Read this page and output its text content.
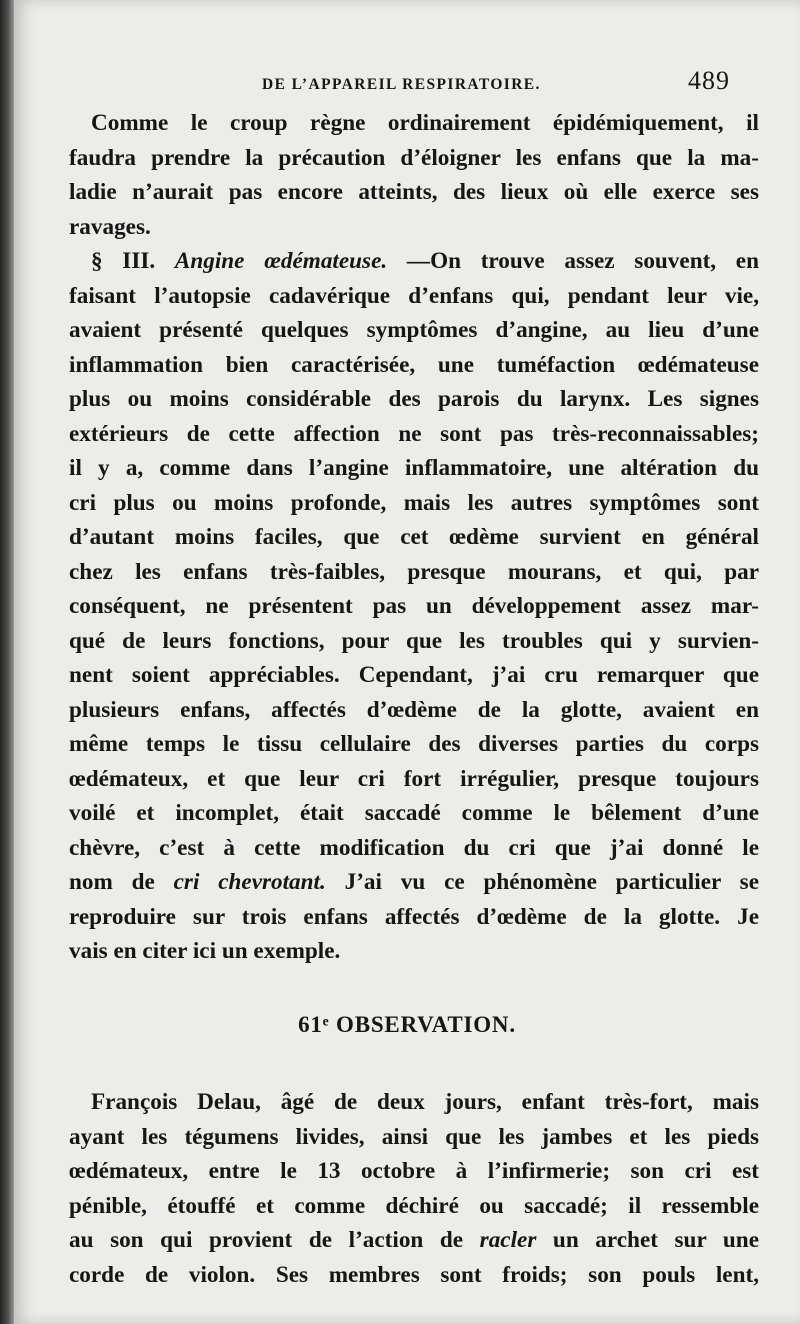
DE L’APPAREIL RESPIRATOIRE.	489
Comme le croup règne ordinairement épidémiquement, il
faudra prendre la précaution d’éloigner les enfans que la ma-
ladie n’aurait pas encore atteints, des lieux où elle exerce ses
ravages.
§ III. Angine œdémateuse. —On trouve assez souvent, en
faisant l’autopsie cadavérique d’enfans qui, pendant leur vie,
avaient présenté quelques symptômes d’angine, au lieu d’une
inflammation bien caractérisée, une tuméfaction œdémateuse
plus ou moins considérable des parois du larynx. Les signes
extérieurs de cette affection ne sont pas très-reconnaissables;
il y a, comme dans l’angine inflammatoire, une altération du
cri plus ou moins profonde, mais les autres symptômes sont
d’autant moins faciles, que cet œdème survient en général
chez les enfans très-faibles, presque mourans, et qui, par
conséquent, ne présentent pas un développement assez mar-
qué de leurs fonctions, pour que les troubles qui y survien-
nent soient appréciables. Cependant, j’ai cru remarquer que
plusieurs enfans, affectés d’œdème de la glotte, avaient en
même temps le tissu cellulaire des diverses parties du corps
œdémateux, et que leur cri fort irrégulier, presque toujours
voilé et incomplet, était saccadé comme le bêlement d’une
chèvre, c’est à cette modification du cri que j’ai donné le
nom de cri chevrotant. J’ai vu ce phénomène particulier se
reproduire sur trois enfans affectés d’œdème de la glotte. Je
vais en citer ici un exemple.
61ᵉ OBSERVATION.
François Delau, âgé de deux jours, enfant très-fort, mais
ayant les tégumens livides, ainsi que les jambes et les pieds
œdémateux, entre le 13 octobre à l’infirmerie; son cri est
pénible, étouffé et comme déchiré ou saccadé; il ressemble
au son qui provient de l’action de racler un archet sur une
corde de violon. Ses membres sont froids; son pouls lent,
